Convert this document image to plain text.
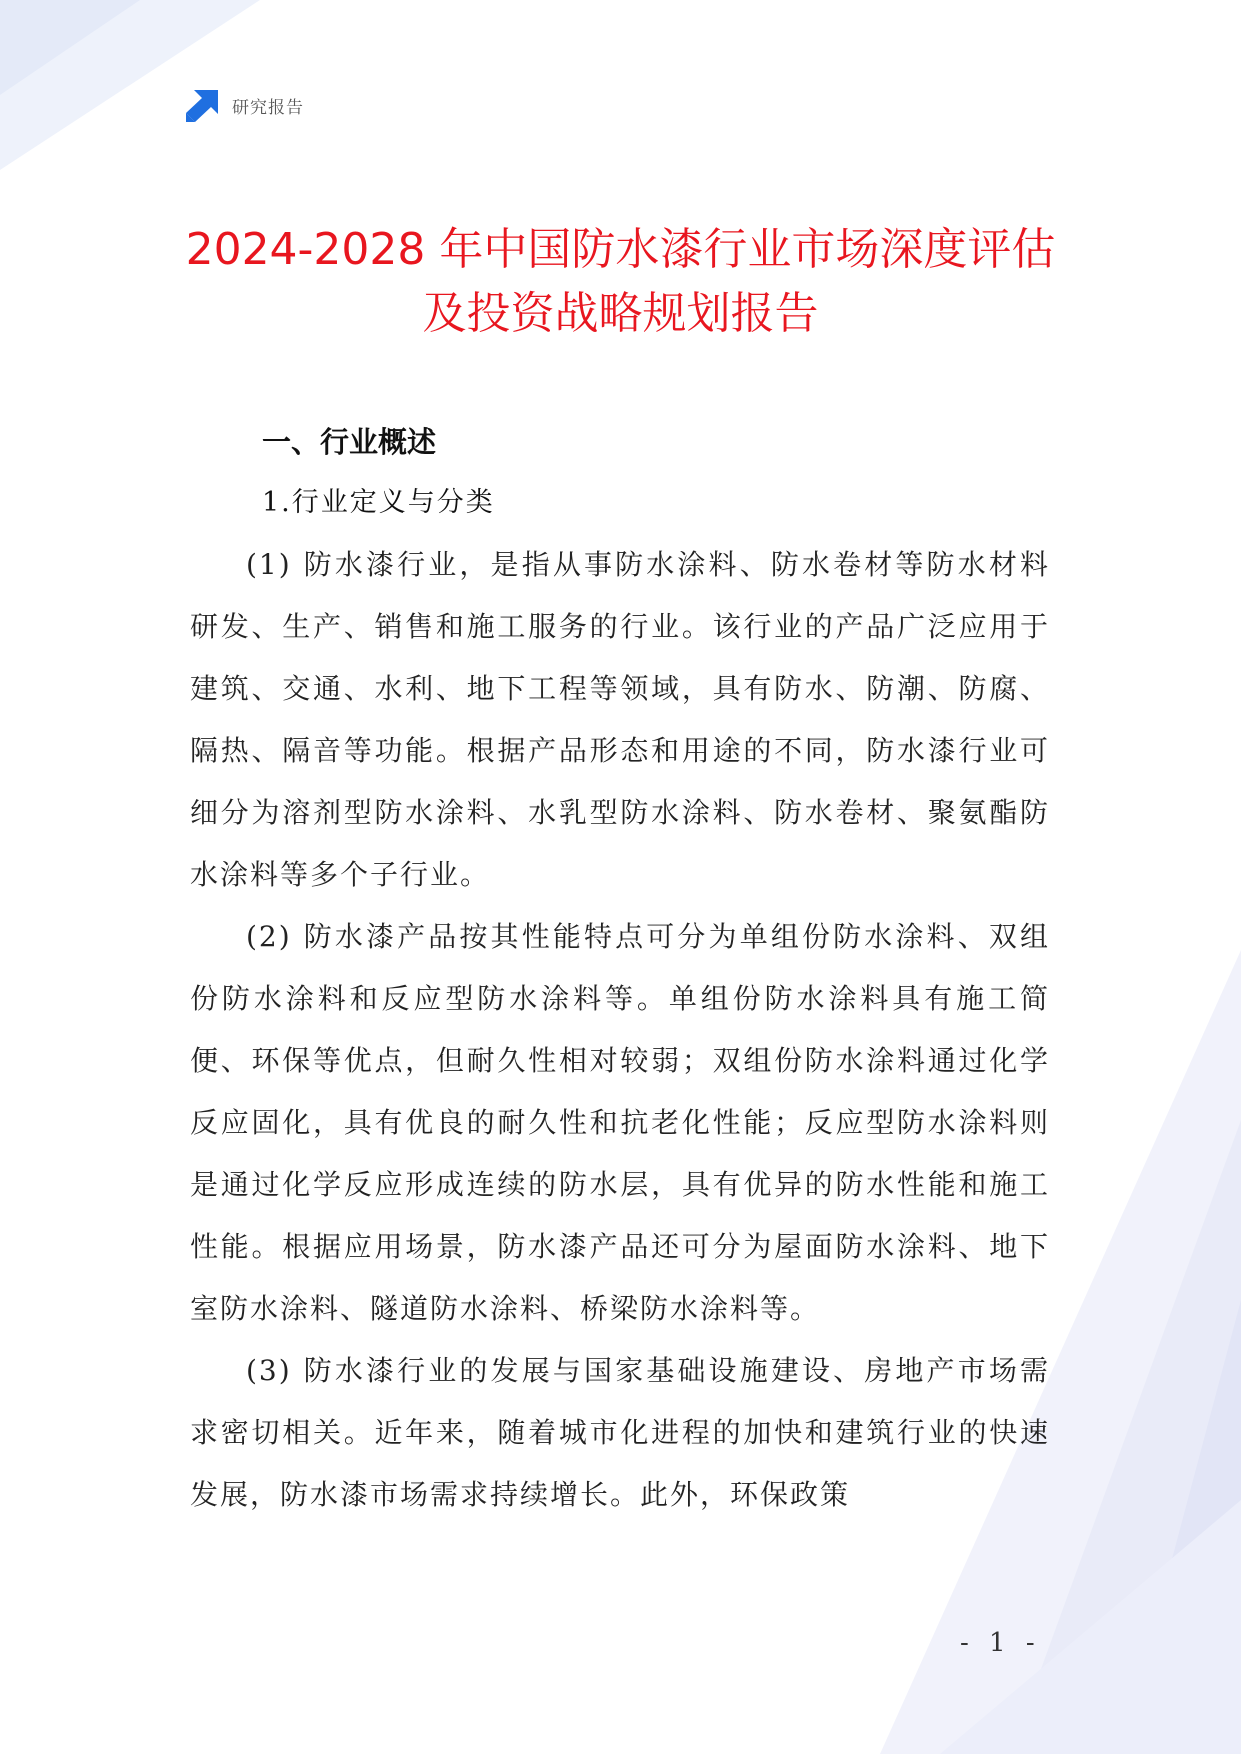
研究报告
2024-2028 年中国防水漆行业市场深度评估
及投资战略规划报告
一、行业概述
1.行业定义与分类

(1) 防水漆行业，是指从事防水涂料、防水卷材等防水材料研发、生产、销售和施工服务的行业。该行业的产品广泛应用于建筑、交通、水利、地下工程等领域，具有防水、防潮、防腐、隔热、隔音等功能。根据产品形态和用途的不同，防水漆行业可细分为溶剂型防水涂料、水乳型防水涂料、防水卷材、聚氨酯防水涂料等多个子行业。

(2) 防水漆产品按其性能特点可分为单组份防水涂料、双组份防水涂料和反应型防水涂料等。单组份防水涂料具有施工简便、环保等优点，但耐久性相对较弱；双组份防水涂料通过化学反应固化，具有优良的耐久性和抗老化性能；反应型防水涂料则是通过化学反应形成连续的防水层，具有优异的防水性能和施工性能。根据应用场景，防水漆产品还可分为屋面防水涂料、地下室防水涂料、隧道防水涂料、桥梁防水涂料等。

(3) 防水漆行业的发展与国家基础设施建设、房地产市场需求密切相关。近年来，随着城市化进程的加快和建筑行业的快速发展，防水漆市场需求持续增长。此外，环保政策

- 1 -
